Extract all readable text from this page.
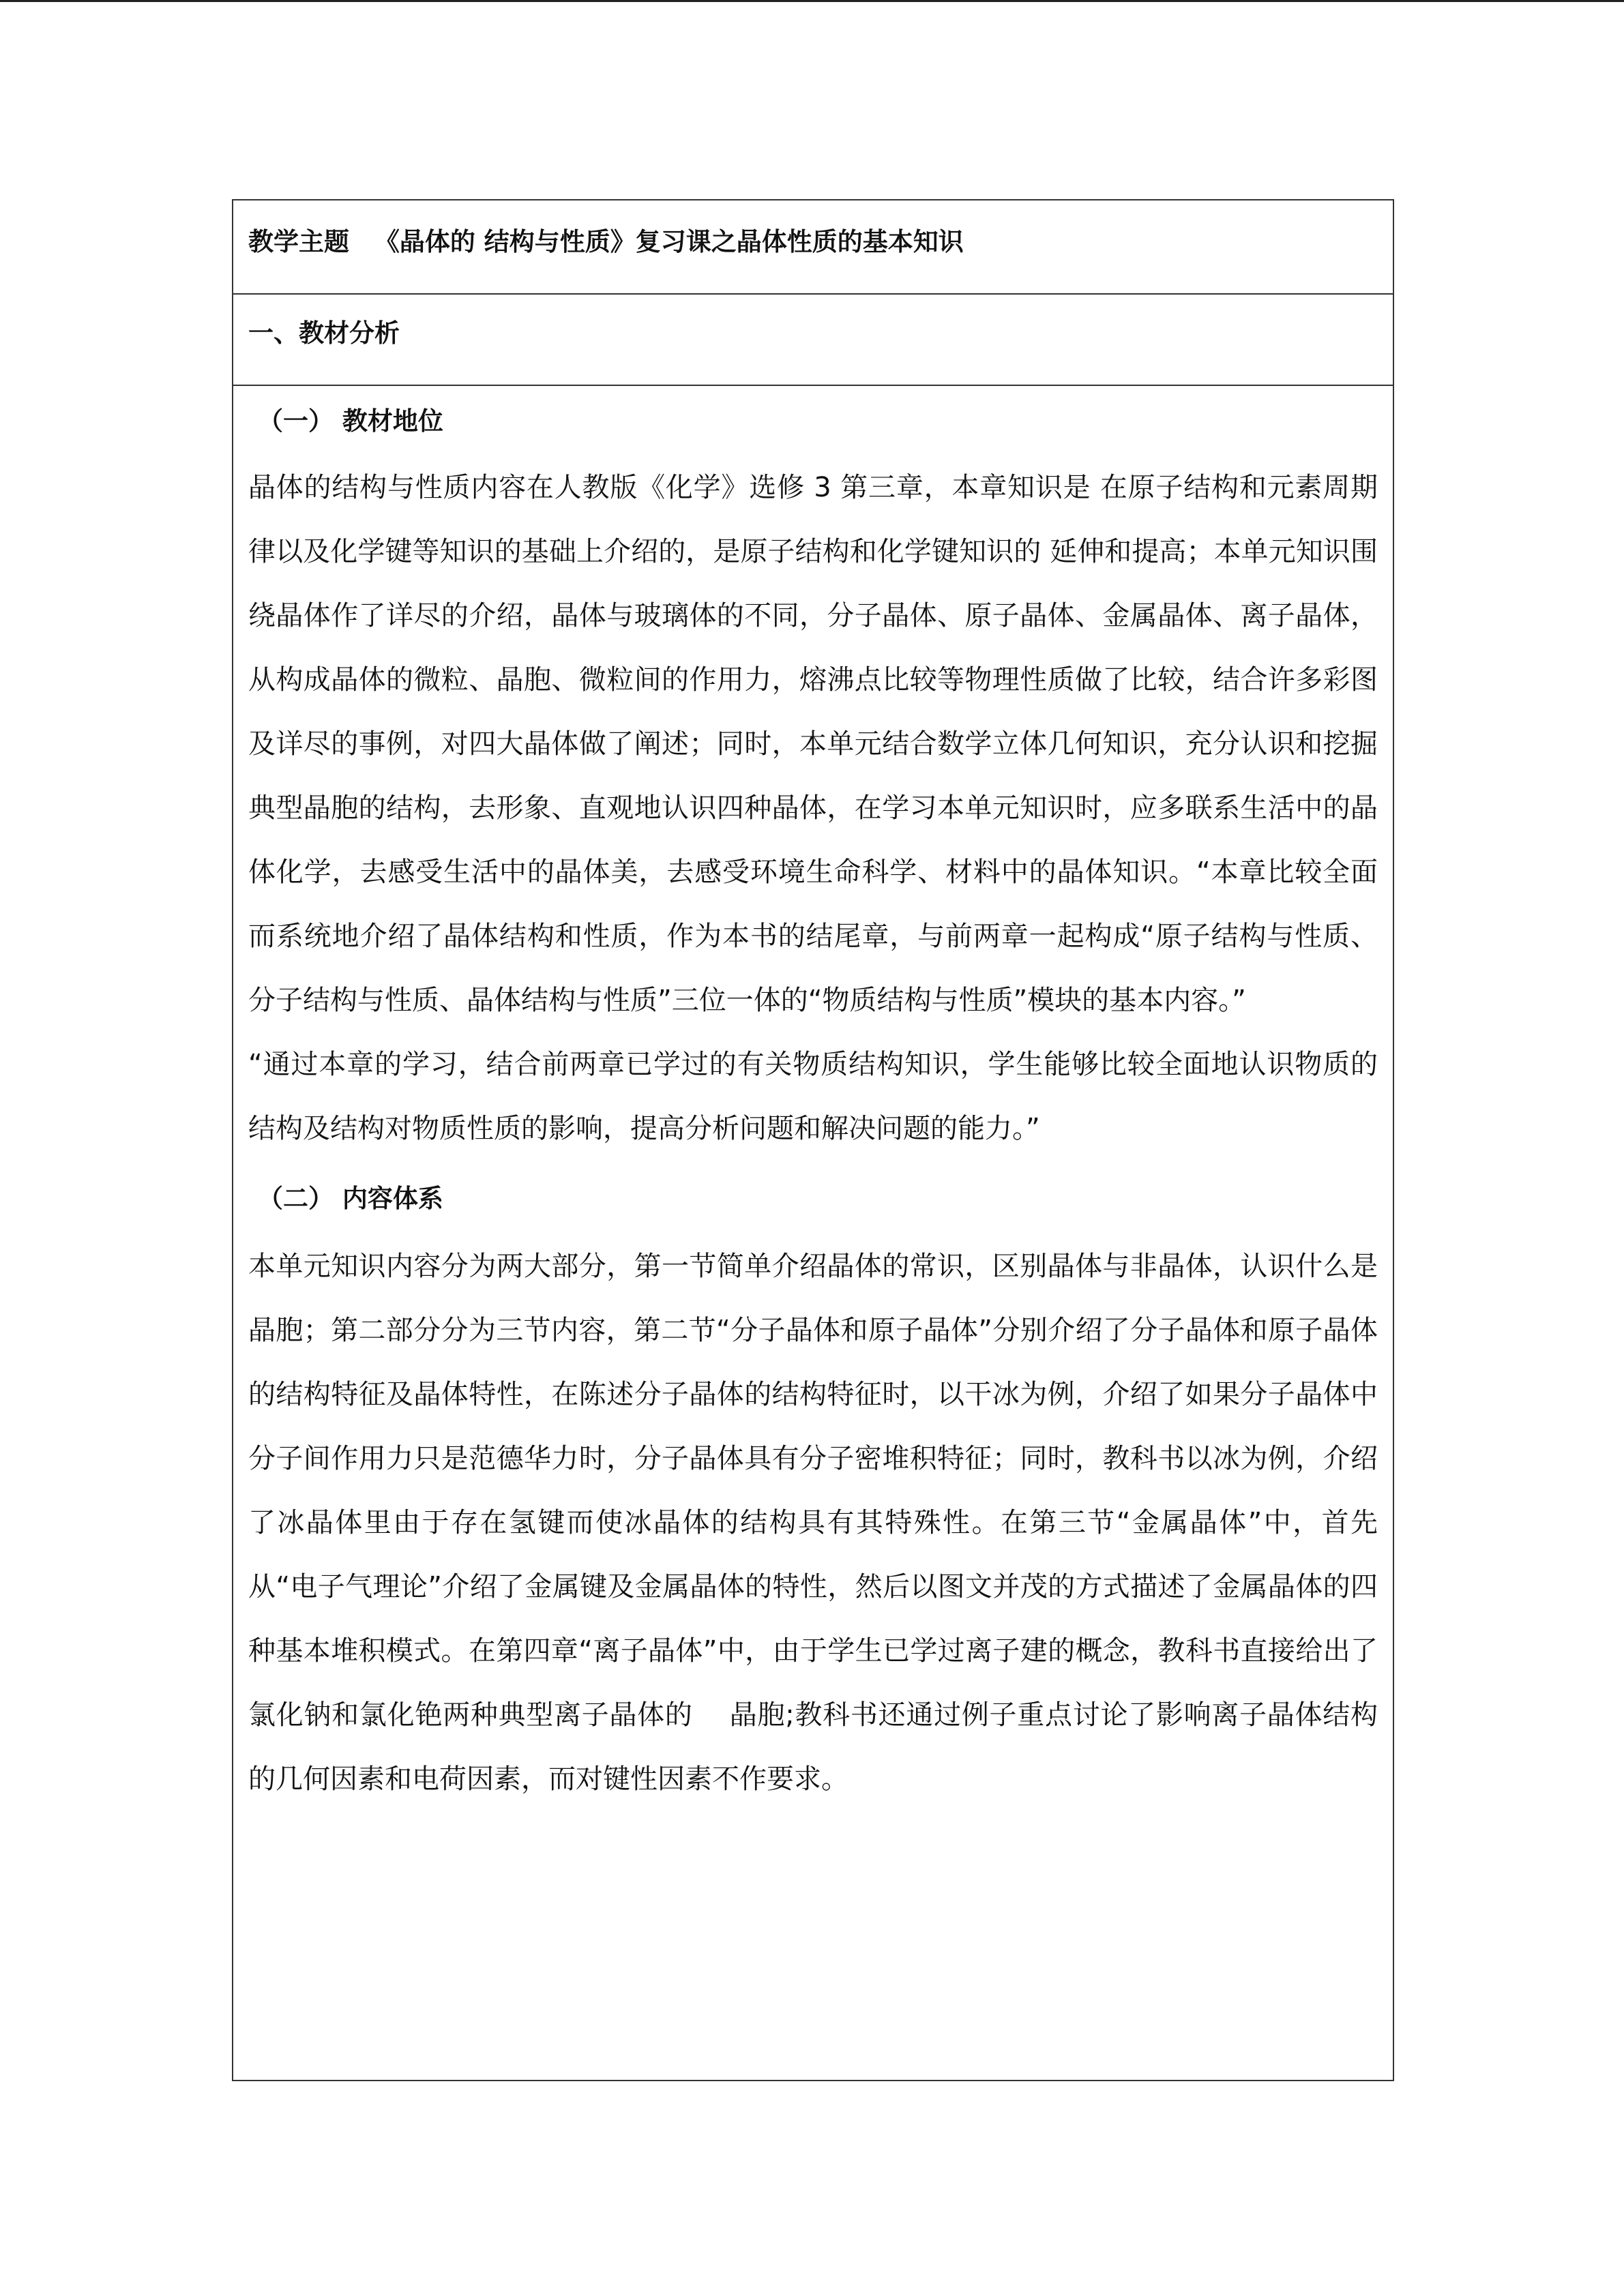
教学主题 《晶体的 结构与性质》复习课之晶体性质的基本知识
一、教材分析

（一） 教材地位

晶体的结构与性质内容在人教版《化学》选修 3 第三章，本章知识是 在原子结构和元素周期律以及化学键等知识的基础上介绍的，是原子结构和化学键知识的 延伸和提高；本单元知识围绕晶体作了详尽的介绍，晶体与玻璃体的不同，分子晶体、原子晶体、金属晶体、离子晶体，从构成晶体的微粒、晶胞、微粒间的作用力，熔沸点比较等物理性质做了比较，结合许多彩图及详尽的事例，对四大晶体做了阐述；同时，本单元结合数学立体几何知识，充分认识和挖掘典型晶胞的结构，去形象、直观地认识四种晶体，在学习本单元知识时，应多联系生活中的晶体化学，去感受生活中的晶体美，去感受环境生命科学、材料中的晶体知识。“本章比较全面而系统地介绍了晶体结构和性质，作为本书的结尾章，与前两章一起构成“原子结构与性质、分子结构与性质、晶体结构与性质”三位一体的“物质结构与性质”模块的基本内容。”

“通过本章的学习，结合前两章已学过的有关物质结构知识，学生能够比较全面地认识物质的结构及结构对物质性质的影响，提高分析问题和解决问题的能力。”

（二） 内容体系

本单元知识内容分为两大部分，第一节简单介绍晶体的常识，区别晶体与非晶体，认识什么是晶胞；第二部分分为三节内容，第二节“分子晶体和原子晶体”分别介绍了分子晶体和原子晶体的结构特征及晶体特性，在陈述分子晶体的结构特征时，以干冰为例，介绍了如果分子晶体中分子间作用力只是范德华力时，分子晶体具有分子密堆积特征；同时，教科书以冰为例，介绍了冰晶体里由于存在氢键而使冰晶体的结构具有其特殊性。在第三节“金属晶体”中，首先从“电子气理论”介绍了金属键及金属晶体的特性，然后以图文并茂的方式描述了金属晶体的四种基本堆积模式。在第四章“离子晶体”中，由于学生已学过离子建的概念，教科书直接给出了氯化钠和氯化铯两种典型离子晶体的　 晶胞;教科书还通过例子重点讨论了影响离子晶体结构的几何因素和电荷因素，而对键性因素不作要求。
